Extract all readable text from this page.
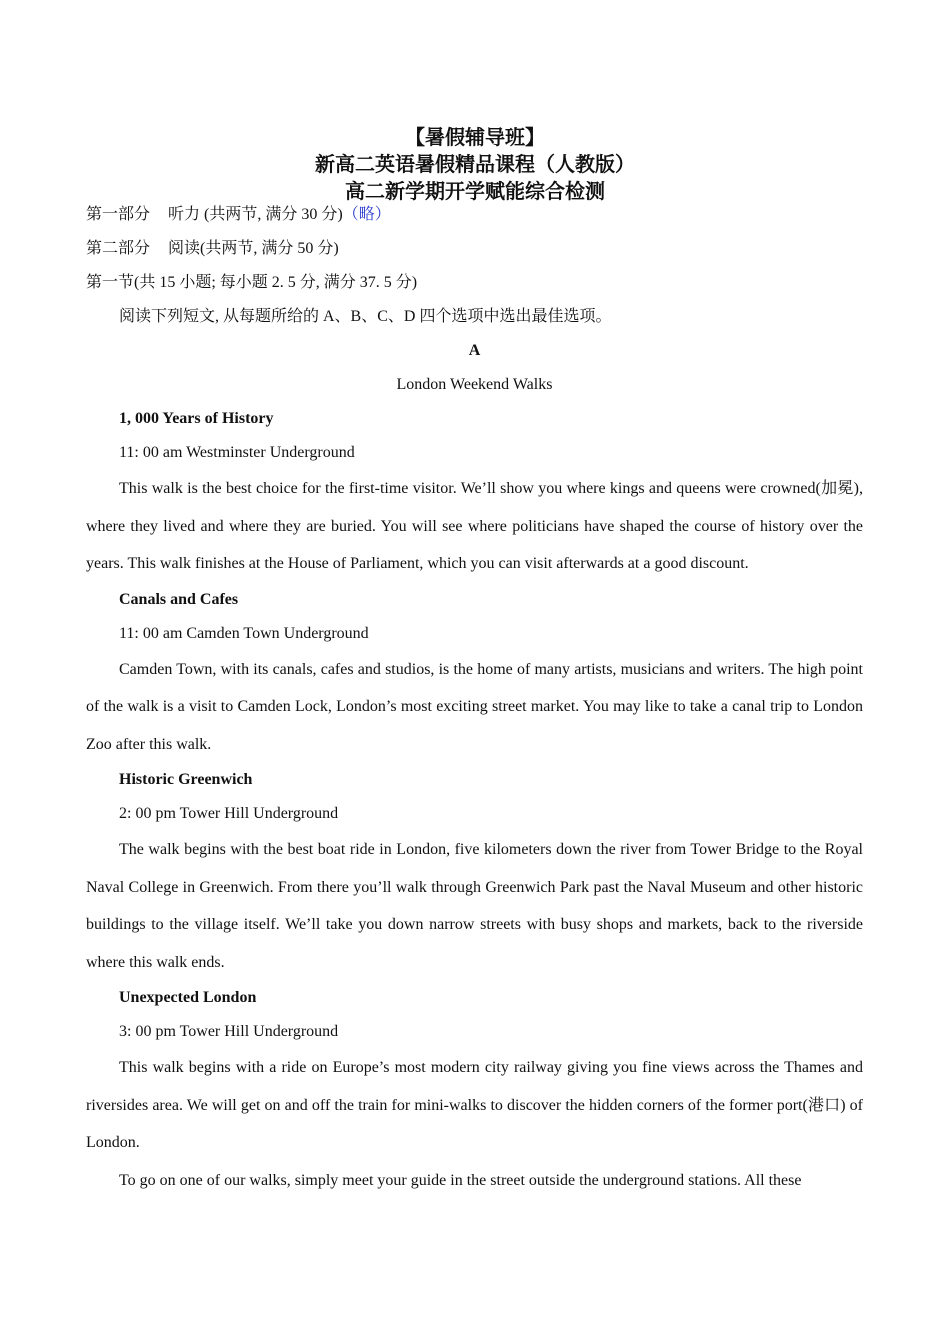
【暑假辅导班】
新高二英语暑假精品课程（人教版）
高二新学期开学赋能综合检测
第一部分 听力 (共两节, 满分 30 分)（略）
第二部分 阅读(共两节, 满分 50 分)
第一节(共 15 小题; 每小题 2. 5 分, 满分 37. 5 分)
阅读下列短文, 从每题所给的 A、B、C、D 四个选项中选出最佳选项。
A
London Weekend Walks
1, 000 Years of History
11: 00 am Westminster Underground

This walk is the best choice for the first-time visitor. We’ll show you where kings and queens were crowned(加冕), where they lived and where they are buried. You will see where politicians have shaped the course of history over the years. This walk finishes at the House of Parliament, which you can visit afterwards at a good discount.

Canals and Cafes
11: 00 am Camden Town Underground

Camden Town, with its canals, cafes and studios, is the home of many artists, musicians and writers. The high point of the walk is a visit to Camden Lock, London’s most exciting street market. You may like to take a canal trip to London Zoo after this walk.

Historic Greenwich
2: 00 pm Tower Hill Underground

The walk begins with the best boat ride in London, five kilometers down the river from Tower Bridge to the Royal Naval College in Greenwich. From there you’ll walk through Greenwich Park past the Naval Museum and other historic buildings to the village itself. We’ll take you down narrow streets with busy shops and markets, back to the riverside where this walk ends.

Unexpected London
3: 00 pm Tower Hill Underground

This walk begins with a ride on Europe’s most modern city railway giving you fine views across the Thames and riversides area. We will get on and off the train for mini-walks to discover the hidden corners of the former port(港口) of London.

To go on one of our walks, simply meet your guide in the street outside the underground stations. All these
